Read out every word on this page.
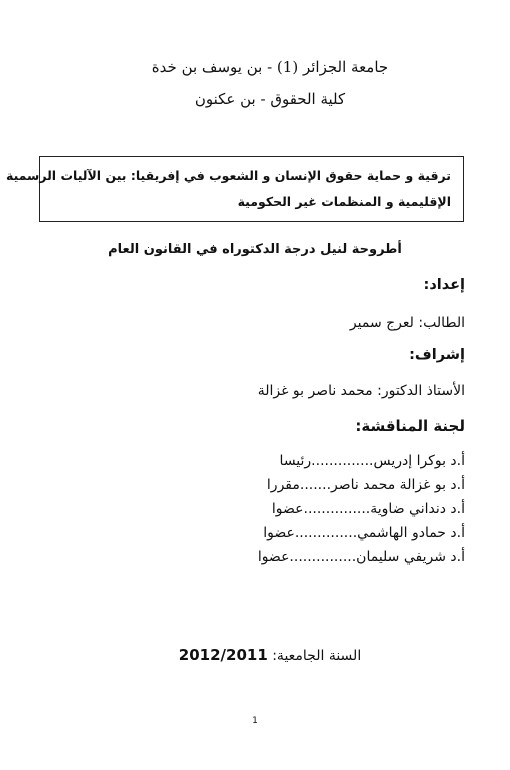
جامعة الجزائر (1) - بن يوسف بن خدة
كلية الحقوق - بن عكنون
ترقية و حماية حقوق الإنسان و الشعوب في إفريقيا: بين الآليات الرسمية
الإقليمية و المنظمات غير الحكومية
أطروحة لنيل درجة الدكتوراه في القانون العام
إعداد:
الطالب: لعرج سمير
إشراف:
الأستاذ الدكتور: محمد ناصر بو غزالة
لجنة المناقشة:
أ.د بوكرا إدريس..............رئيسا
أ.د بو غزالة محمد ناصر.......مقررا
أ.د دنداني ضاوية...............عضوا
أ.د حمادو الهاشمي..............عضوا
أ.د شريفي سليمان...............عضوا
السنة الجامعية: 2012/2011
1
